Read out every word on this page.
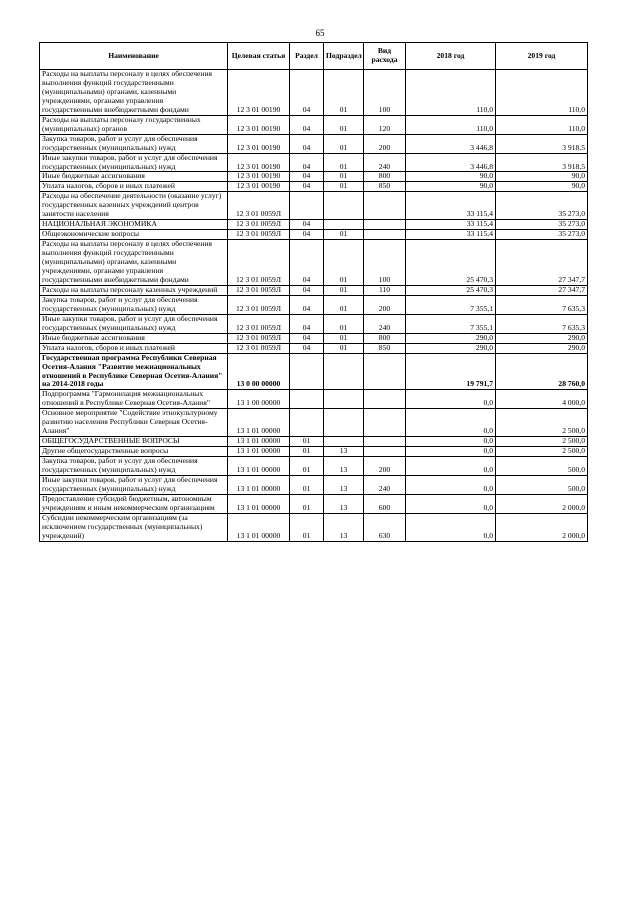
65
Наименование	Целевая статья	Раздел	Подраздел	Вид расхода	2018 год	2019 год
Расходы на выплаты персоналу в целях обеспечения выполнения функций государственными (муниципальными) органами, казенными учреждениями, органами управления государственными внебюджетными фондами	12 3 01 00190	04	01	100	110,0	110,0
Расходы на выплаты персоналу государственных (муниципальных) органов	12 3 01 00190	04	01	120	110,0	110,0
Закупка товаров, работ и услуг для обеспечения государственных (муниципальных) нужд	12 3 01 00190	04	01	200	3 446,8	3 918,5
Иные закупки товаров, работ и услуг для обеспечения государственных (муниципальных) нужд	12 3 01 00190	04	01	240	3 446,8	3 918,5
Иные бюджетные ассигнования	12 3 01 00190	04	01	800	90,0	90,0
Уплата налогов, сборов и иных платежей	12 3 01 00190	04	01	850	90,0	90,0
Расходы на обеспечение деятельности (оказание услуг) государственных казенных учреждений центров занятости населения	12 3 01 0059Л				33 115,4	35 273,0
НАЦИОНАЛЬНАЯ ЭКОНОМИКА	12 3 01 0059Л	04			33 115,4	35 273,0
Общеэкономические вопросы	12 3 01 0059Л	04	01		33 115,4	35 273,0
Расходы на выплаты персоналу в целях обеспечения выполнения функций государственными (муниципальными) органами, казенными учреждениями, органами управления государственными внебюджетными фондами	12 3 01 0059Л	04	01	100	25 470,3	27 347,7
Расходы на выплаты персоналу казенных учреждений	12 3 01 0059Л	04	01	110	25 470,3	27 347,7
Закупка товаров, работ и услуг для обеспечения государственных (муниципальных) нужд	12 3 01 0059Л	04	01	200	7 355,1	7 635,3
Иные закупки товаров, работ и услуг для обеспечения государственных (муниципальных) нужд	12 3 01 0059Л	04	01	240	7 355,1	7 635,3
Иные бюджетные ассигнования	12 3 01 0059Л	04	01	800	290,0	290,0
Уплата налогов, сборов и иных платежей	12 3 01 0059Л	04	01	850	290,0	290,0
Государственная программа Республики Северная Осетия-Алания "Развитие межнациональных отношений в Республике Северная Осетия-Алания" на 2014-2018 годы	13 0 00 00000				19 791,7	28 760,0
Подпрограмма "Гармонизация межнациональных отношений в Республике Северная Осетия-Алания"	13 1 00 00000				0,0	4 000,0
Основное мероприятие "Содействие этнокультурному развитию населения Республики Северная Осетия-Алания"	13 1 01 00000				0,0	2 500,0
ОБЩЕГОСУДАРСТВЕННЫЕ ВОПРОСЫ	13 1 01 00000	01			0,0	2 500,0
Другие общегосударственные вопросы	13 1 01 00000	01	13		0,0	2 500,0
Закупка товаров, работ и услуг для обеспечения государственных (муниципальных) нужд	13 1 01 00000	01	13	200	0,0	500,0
Иные закупки товаров, работ и услуг для обеспечения государственных (муниципальных) нужд	13 1 01 00000	01	13	240	0,0	500,0
Предоставление субсидий бюджетным, автономным учреждениям и иным некоммерческим организациям	13 1 01 00000	01	13	600	0,0	2 000,0
Субсидии некоммерческим организациям (за исключением государственных (муниципальных) учреждений)	13 1 01 00000	01	13	630	0,0	2 000,0
